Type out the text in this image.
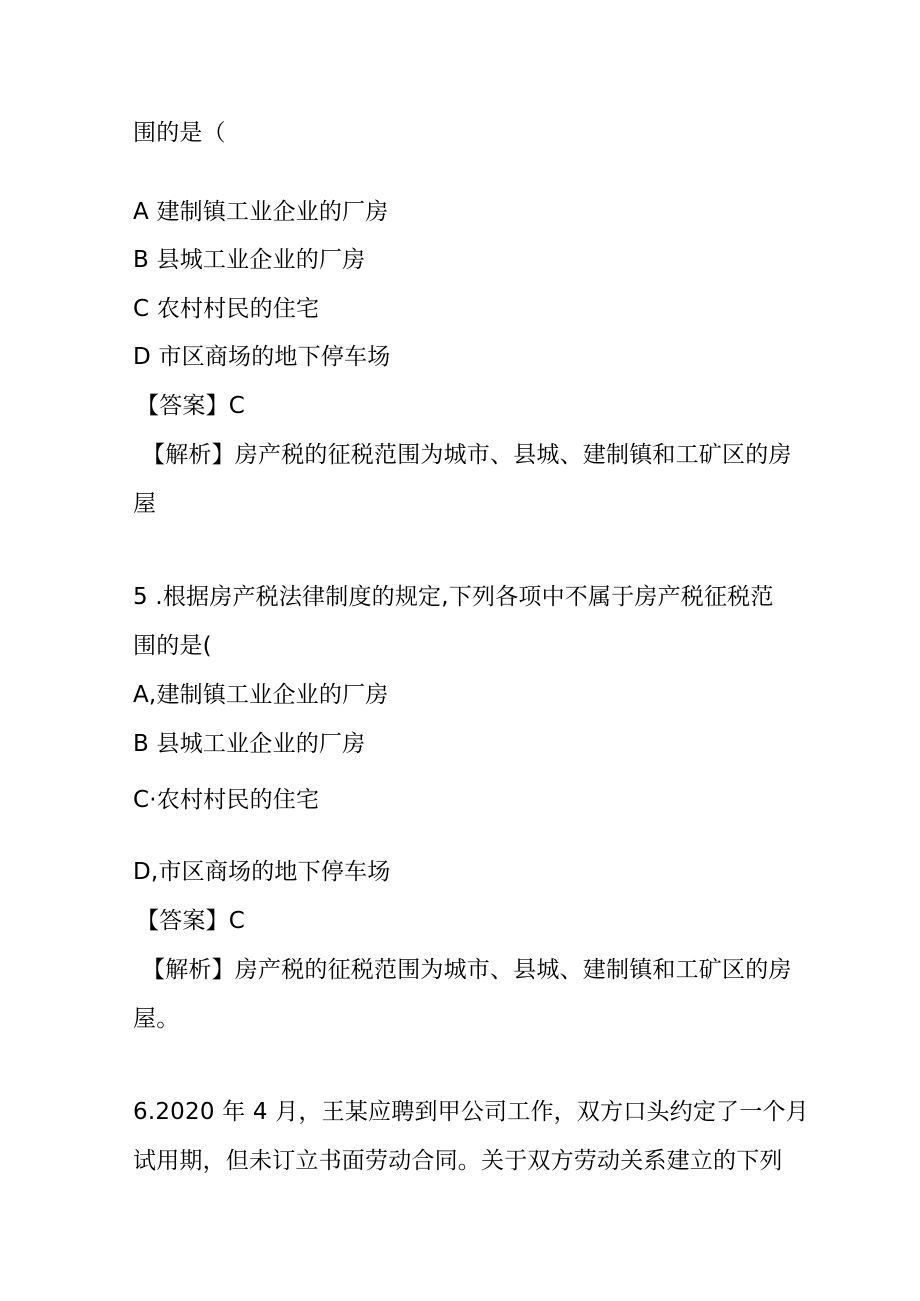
围的是（
A 建制镇工业企业的厂房
B 县城工业企业的厂房
C 农村村民的住宅
D 市区商场的地下停车场
【答案】C
【解析】房产税的征税范围为城市、县城、建制镇和工矿区的房
屋
5 .根据房产税法律制度的规定,下列各项中不属于房产税征税范
围的是(
A,建制镇工业企业的厂房
B 县城工业企业的厂房
C·农村村民的住宅
D,市区商场的地下停车场
【答案】C
【解析】房产税的征税范围为城市、县城、建制镇和工矿区的房
屋。
6.2020 年 4 月，王某应聘到甲公司工作，双方口头约定了一个月
试用期，但未订立书面劳动合同。关于双方劳动关系建立的下列
